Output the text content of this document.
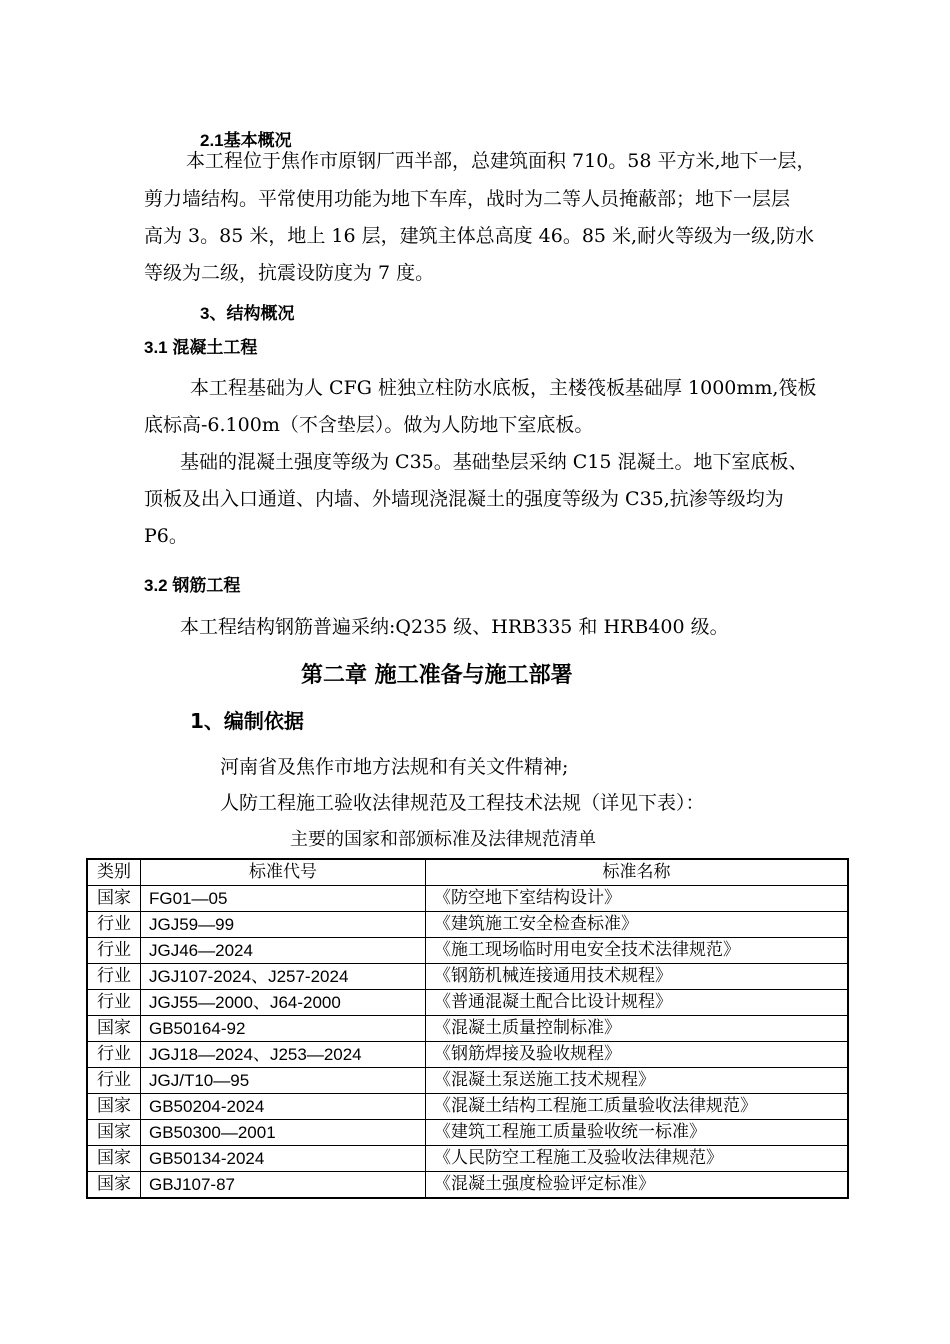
2.1基本概况
本工程位于焦作市原钢厂西半部，总建筑面积 710。58 平方米,地下一层，
剪力墙结构。平常使用功能为地下车库，战时为二等人员掩蔽部；地下一层层
高为 3。85 米，地上 16 层，建筑主体总高度 46。85 米,耐火等级为一级,防水
等级为二级，抗震设防度为 7 度。
3、结构概况
3.1 混凝土工程
本工程基础为人 CFG 桩独立柱防水底板，主楼筏板基础厚 1000mm,筏板
底标高-6.100m（不含垫层）。做为人防地下室底板。
基础的混凝土强度等级为 C35。基础垫层采纳 C15 混凝土。地下室底板、
顶板及出入口通道、内墙、外墙现浇混凝土的强度等级为 C35,抗渗等级均为
P6。
3.2 钢筋工程
本工程结构钢筋普遍采纳:Q235 级、HRB335 和 HRB400 级。
第二章 施工准备与施工部署
1、编制依据
河南省及焦作市地方法规和有关文件精神;
人防工程施工验收法律规范及工程技术法规（详见下表）：
主要的国家和部颁标准及法律规范清单
类别	标准代号	标准名称
国家	FG01—05	《防空地下室结构设计》
行业	JGJ59—99	《建筑施工安全检查标准》
行业	JGJ46—2024	《施工现场临时用电安全技术法律规范》
行业	JGJ107-2024、J257-2024	《钢筋机械连接通用技术规程》
行业	JGJ55—2000、J64-2000	《普通混凝土配合比设计规程》
国家	GB50164-92	《混凝土质量控制标准》
行业	JGJ18—2024、J253—2024	《钢筋焊接及验收规程》
行业	JGJ/T10—95	《混凝土泵送施工技术规程》
国家	GB50204-2024	《混凝土结构工程施工质量验收法律规范》
国家	GB50300—2001	《建筑工程施工质量验收统一标准》
国家	GB50134-2024	《人民防空工程施工及验收法律规范》
国家	GBJ107-87	《混凝土强度检验评定标准》
